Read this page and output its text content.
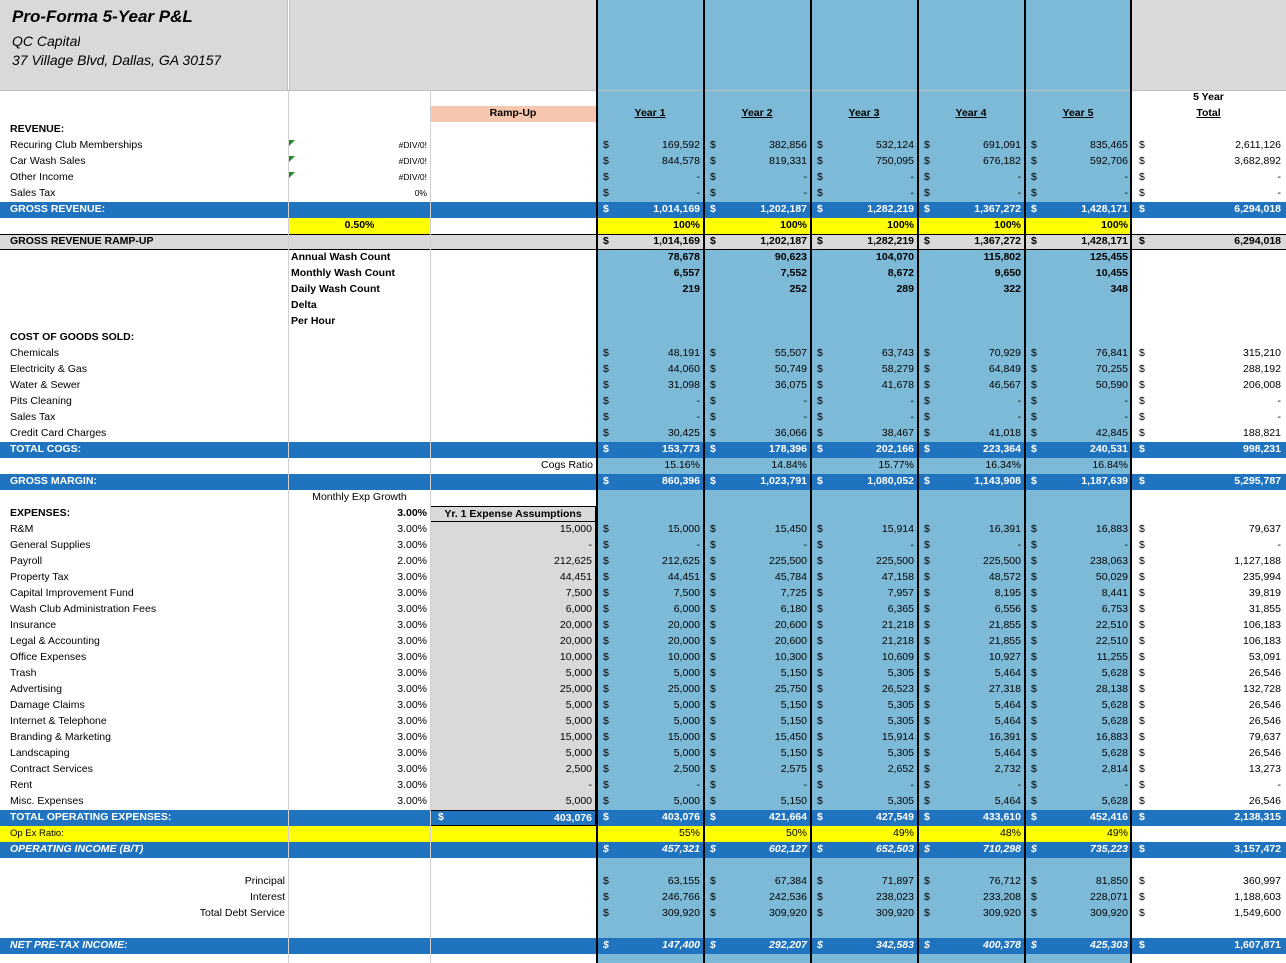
Pro-Forma 5-Year P&L
QC Capital
37 Village Blvd, Dallas, GA 30157
Ramp-Up
5 Year
Total
Year 1	Year 2	Year 3	Year 4	Year 5
REVENUE:
Recuring Club Memberships	#DIV/0!	$	169,592 $	382,856 $	532,124 $	691,091 $	835,465	$	2,611,126
Car Wash Sales	#DIV/0!	$	844,578 $	819,331 $	750,095 $	676,182 $	592,706	$	3,682,892
Other Income	#DIV/0!	$	- $	- $	- $	- $	-	$	-
Sales Tax	0%	$	- $	- $	- $	- $	-	$	-
GROSS REVENUE:	$	1,014,169 $	1,202,187 $	1,282,219 $	1,367,272 $	1,428,171	$	6,294,018
0.50%	100%	100%	100%	100%	100%
GROSS REVENUE RAMP-UP	$	1,014,169 $	1,202,187 $	1,282,219 $	1,367,272 $	1,428,171	$	6,294,018
Annual Wash Count	78,678	90,623	104,070	115,802	125,455
Monthly Wash Count	6,557	7,552	8,672	9,650	10,455
Daily Wash Count	219	252	289	322	348
Delta
Per Hour
COST OF GOODS SOLD:
Chemicals	$	48,191 $	55,507 $	63,743 $	70,929 $	76,841	$	315,210
Electricity & Gas	$	44,060 $	50,749 $	58,279 $	64,849 $	70,255	$	288,192
Water & Sewer	$	31,098 $	36,075 $	41,678 $	46,567 $	50,590	$	206,008
Pits Cleaning	$	- $	- $	- $	- $	-	$	-
Sales Tax	$	- $	- $	- $	- $	-	$	-
Credit Card Charges	$	30,425 $	36,066 $	38,467 $	41,018 $	42,845	$	188,821
TOTAL COGS:	$	153,773 $	178,396 $	202,166 $	223,364 $	240,531	$	998,231
Cogs Ratio	15.16%	14.84%	15.77%	16.34%	16.84%
GROSS MARGIN:	$	860,396 $	1,023,791 $	1,080,052 $	1,143,908 $	1,187,639	$	5,295,787
Monthly Exp Growth
EXPENSES:	3.00%	Yr. 1 Expense Assumptions
R&M	3.00%	15,000	$	15,000 $	15,450 $	15,914 $	16,391 $	16,883	$	79,637
General Supplies	3.00%	-	$	- $	- $	- $	- $	-	$	-
Payroll	2.00%	212,625	$	212,625 $	225,500 $	225,500 $	225,500 $	238,063	$	1,127,188
Property Tax	3.00%	44,451	$	44,451 $	45,784 $	47,158 $	48,572 $	50,029	$	235,994
Capital Improvement Fund	3.00%	7,500	$	7,500 $	7,725 $	7,957 $	8,195 $	8,441	$	39,819
Wash Club Administration Fees	3.00%	6,000	$	6,000 $	6,180 $	6,365 $	6,556 $	6,753	$	31,855
Insurance	3.00%	20,000	$	20,000 $	20,600 $	21,218 $	21,855 $	22,510	$	106,183
Legal & Accounting	3.00%	20,000	$	20,000 $	20,600 $	21,218 $	21,855 $	22,510	$	106,183
Office Expenses	3.00%	10,000	$	10,000 $	10,300 $	10,609 $	10,927 $	11,255	$	53,091
Trash	3.00%	5,000	$	5,000 $	5,150 $	5,305 $	5,464 $	5,628	$	26,546
Advertising	3.00%	25,000	$	25,000 $	25,750 $	26,523 $	27,318 $	28,138	$	132,728
Damage Claims	3.00%	5,000	$	5,000 $	5,150 $	5,305 $	5,464 $	5,628	$	26,546
Internet & Telephone	3.00%	5,000	$	5,000 $	5,150 $	5,305 $	5,464 $	5,628	$	26,546
Branding & Marketing	3.00%	15,000	$	15,000 $	15,450 $	15,914 $	16,391 $	16,883	$	79,637
Landscaping	3.00%	5,000	$	5,000 $	5,150 $	5,305 $	5,464 $	5,628	$	26,546
Contract Services	3.00%	2,500	$	2,500 $	2,575 $	2,652 $	2,732 $	2,814	$	13,273
Rent	3.00%	-	$	- $	- $	- $	- $	-	$	-
Misc. Expenses	3.00%	5,000	$	5,000 $	5,150 $	5,305 $	5,464 $	5,628	$	26,546
TOTAL OPERATING EXPENSES:	$	403,076	$	403,076 $	421,664 $	427,549 $	433,610 $	452,416	$	2,138,315
Op Ex Ratio:	55%	50%	49%	48%	49%
OPERATING INCOME (B/T)	$	457,321 $	602,127 $	652,503 $	710,298 $	735,223	$	3,157,472
Principal	$	63,155 $	67,384 $	71,897 $	76,712 $	81,850	$	360,997
Interest	$	246,766 $	242,536 $	238,023 $	233,208 $	228,071	$	1,188,603
Total Debt Service	$	309,920 $	309,920 $	309,920 $	309,920 $	309,920	$	1,549,600
NET PRE-TAX INCOME:	$	147,400 $	292,207 $	342,583 $	400,378 $	425,303	$	1,607,871
